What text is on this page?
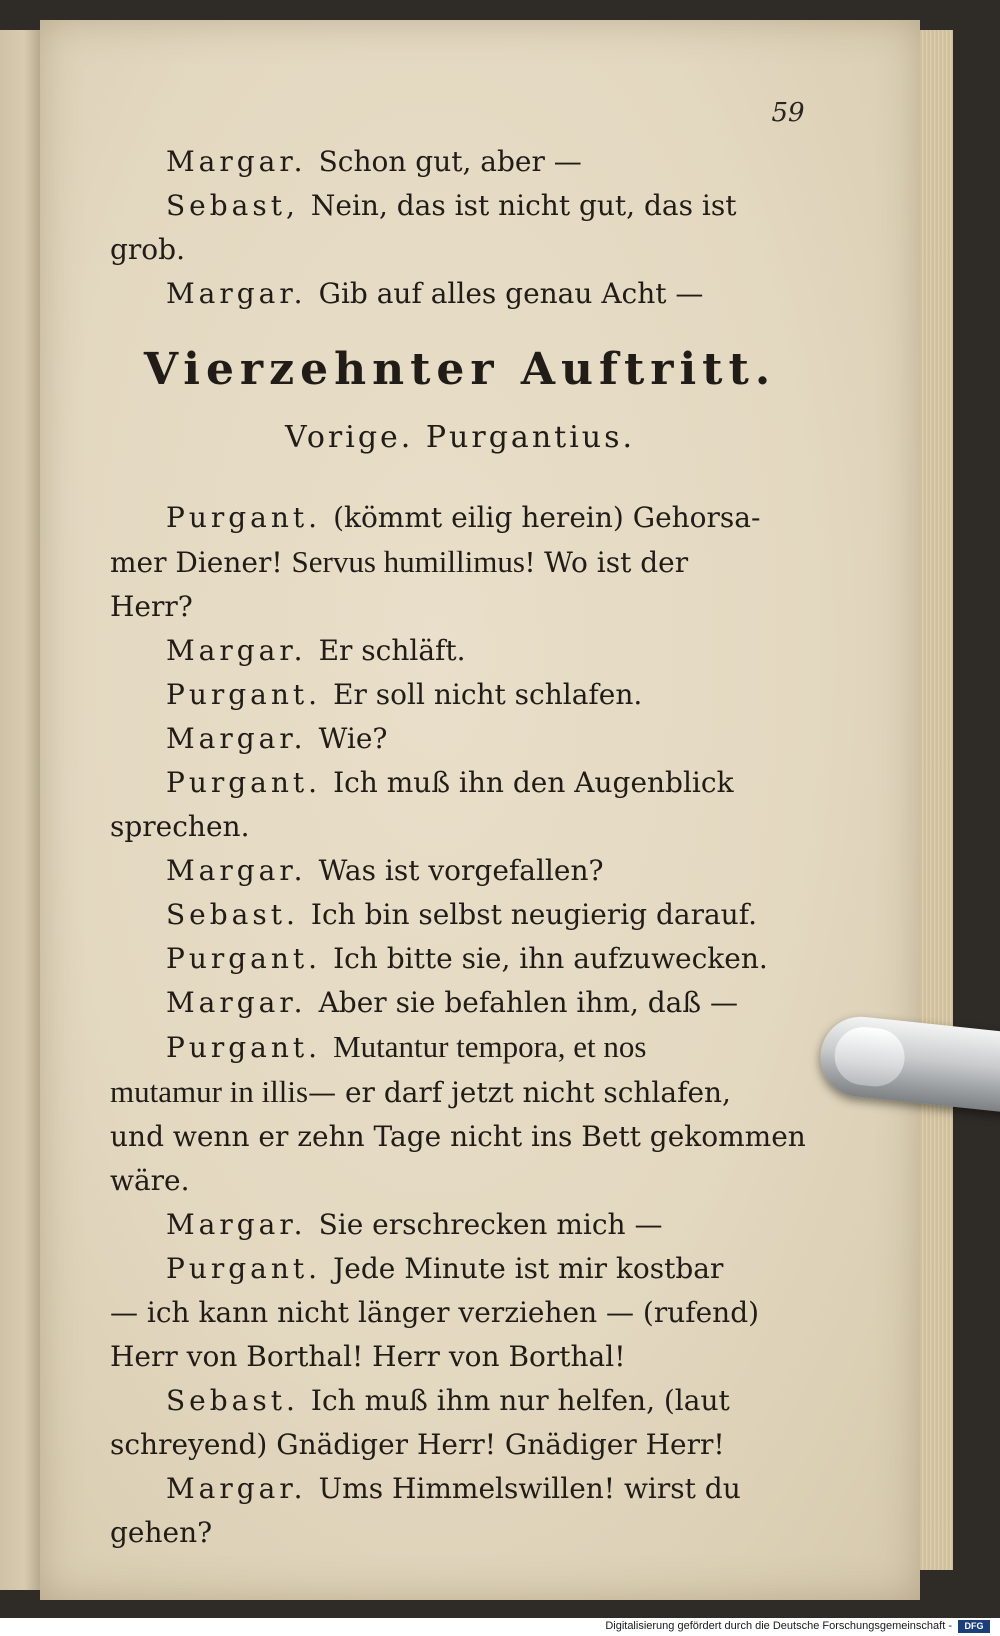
59
Margar. Schon gut, aber —
Sebast, Nein, das ist nicht gut, das ist
grob.
Margar. Gib auf alles genau Acht —
Vierzehnter Auftritt.
Vorige. Purgantius.
Purgant. (kömmt eilig herein) Gehorsa-
mer Diener! Servus humillimus! Wo ist der
Herr?
Margar. Er schläft.
Purgant. Er soll nicht schlafen.
Margar. Wie?
Purgant. Ich muß ihn den Augenblick
sprechen.
Margar. Was ist vorgefallen?
Sebast. Ich bin selbst neugierig darauf.
Purgant. Ich bitte sie, ihn aufzuwecken.
Margar. Aber sie befahlen ihm, daß —
Purgant. Mutantur tempora, et nos
mutamur in illis— er darf jetzt nicht schlafen,
und wenn er zehn Tage nicht ins Bett gekommen
wäre.
Margar. Sie erschrecken mich —
Purgant. Jede Minute ist mir kostbar
— ich kann nicht länger verziehen — (rufend)
Herr von Borthal! Herr von Borthal!
Sebast. Ich muß ihm nur helfen, (laut
schreyend) Gnädiger Herr! Gnädiger Herr!
Margar. Ums Himmelswillen! wirst du
gehen?
Digitalisierung gefördert durch die Deutsche Forschungsgemeinschaft -	DFG
